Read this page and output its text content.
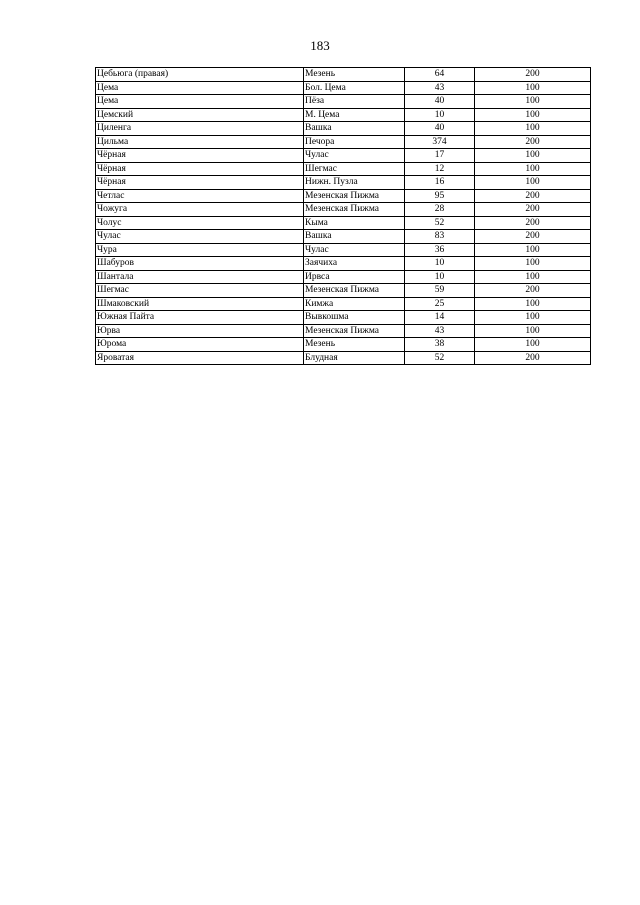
183
Цебьюга (правая)	Мезень	64	200
Цема	Бол. Цема	43	100
Цема	Пёза	40	100
Цемский	М. Цема	10	100
Циленга	Вашка	40	100
Цильма	Печора	374	200
Чёрная	Чулас	17	100
Чёрная	Шегмас	12	100
Чёрная	Нижн. Пузла	16	100
Четлас	Мезенская Пижма	95	200
Чожуга	Мезенская Пижма	28	200
Чолус	Кыма	52	200
Чулас	Вашка	83	200
Чура	Чулас	36	100
Шабуров	Заячиха	10	100
Шантала	Ирвса	10	100
Шегмас	Мезенская Пижма	59	200
Шмаковский	Кимжа	25	100
Южная Пайта	Вывкошма	14	100
Юрва	Мезенская Пижма	43	100
Юрома	Мезень	38	100
Яроватая	Блудная	52	200
